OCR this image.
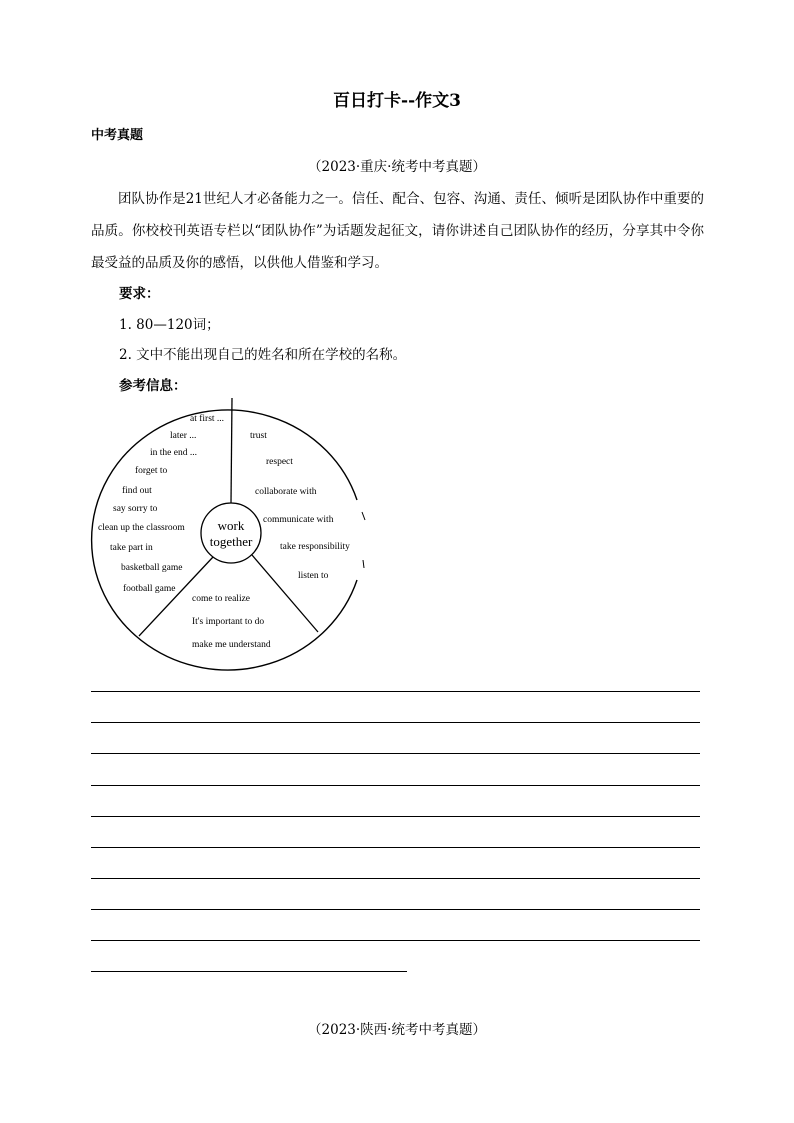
百日打卡--作文3
中考真题
（2023·重庆·统考中考真题）
团队协作是21世纪人才必备能力之一。信任、配合、包容、沟通、责任、倾听是团队协作中重要的品质。你校校刊英语专栏以“团队协作”为话题发起征文，请你讲述自己团队协作的经历，分享其中令你最受益的品质及你的感悟，以供他人借鉴和学习。
要求：
1. 80—120词；
2. 文中不能出现自己的姓名和所在学校的名称。
参考信息：
work
together
at first ...
later ...
in the end ...
forget to
find out
say sorry to
clean up the classroom
take part in
basketball game
football game
trust
respect
collaborate with
communicate with
take responsibility
listen to
come to realize
It's important to do
make me understand
（2023·陕西·统考中考真题）
